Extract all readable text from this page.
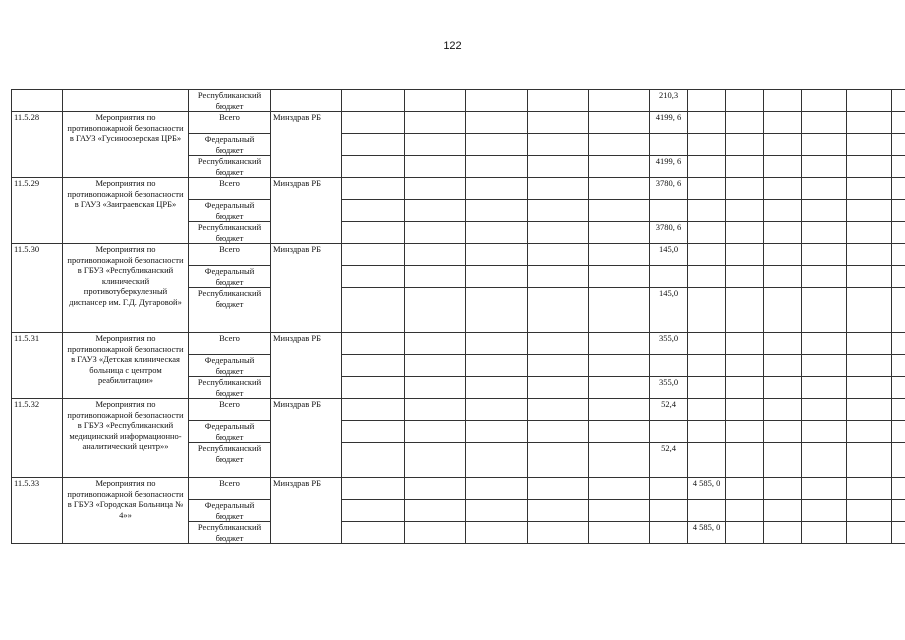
122
		Республиканский бюджет							210,3						
11.5.28	Мероприятия по противопожарной безопасности в ГАУЗ «Гусиноозерская ЦРБ»	Всего	Минздрав РБ						4199, 6						
		Федеральный бюджет													
		Республиканский бюджет							4199, 6						
11.5.29	Мероприятия по противопожарной безопасности в ГАУЗ «Заиграевская ЦРБ»	Всего	Минздрав РБ						3780, 6						
		Федеральный бюджет													
		Республиканский бюджет							3780, 6						
11.5.30	Мероприятия по противопожарной безопасности в ГБУЗ «Республиканский клинический противотуберкулезный диспансер им. Г.Д. Дугаровой»	Всего	Минздрав РБ						145,0						
		Федеральный бюджет													
		Республиканский бюджет							145,0						
11.5.31	Мероприятия по противопожарной безопасности в ГАУЗ «Детская клиническая больница с центром реабилитации»	Всего	Минздрав РБ						355,0						
		Федеральный бюджет													
		Республиканский бюджет							355,0						
11.5.32	Мероприятия по противопожарной безопасности в ГБУЗ «Республиканский медицинский информационно-аналитический центр»»	Всего	Минздрав РБ						52,4						
		Федеральный бюджет													
		Республиканский бюджет							52,4						
11.5.33	Мероприятия по противопожарной безопасности в ГБУЗ «Городская Больница № 4»»	Всего	Минздрав РБ							4 585, 0					
		Федеральный бюджет													
		Республиканский бюджет								4 585, 0					
